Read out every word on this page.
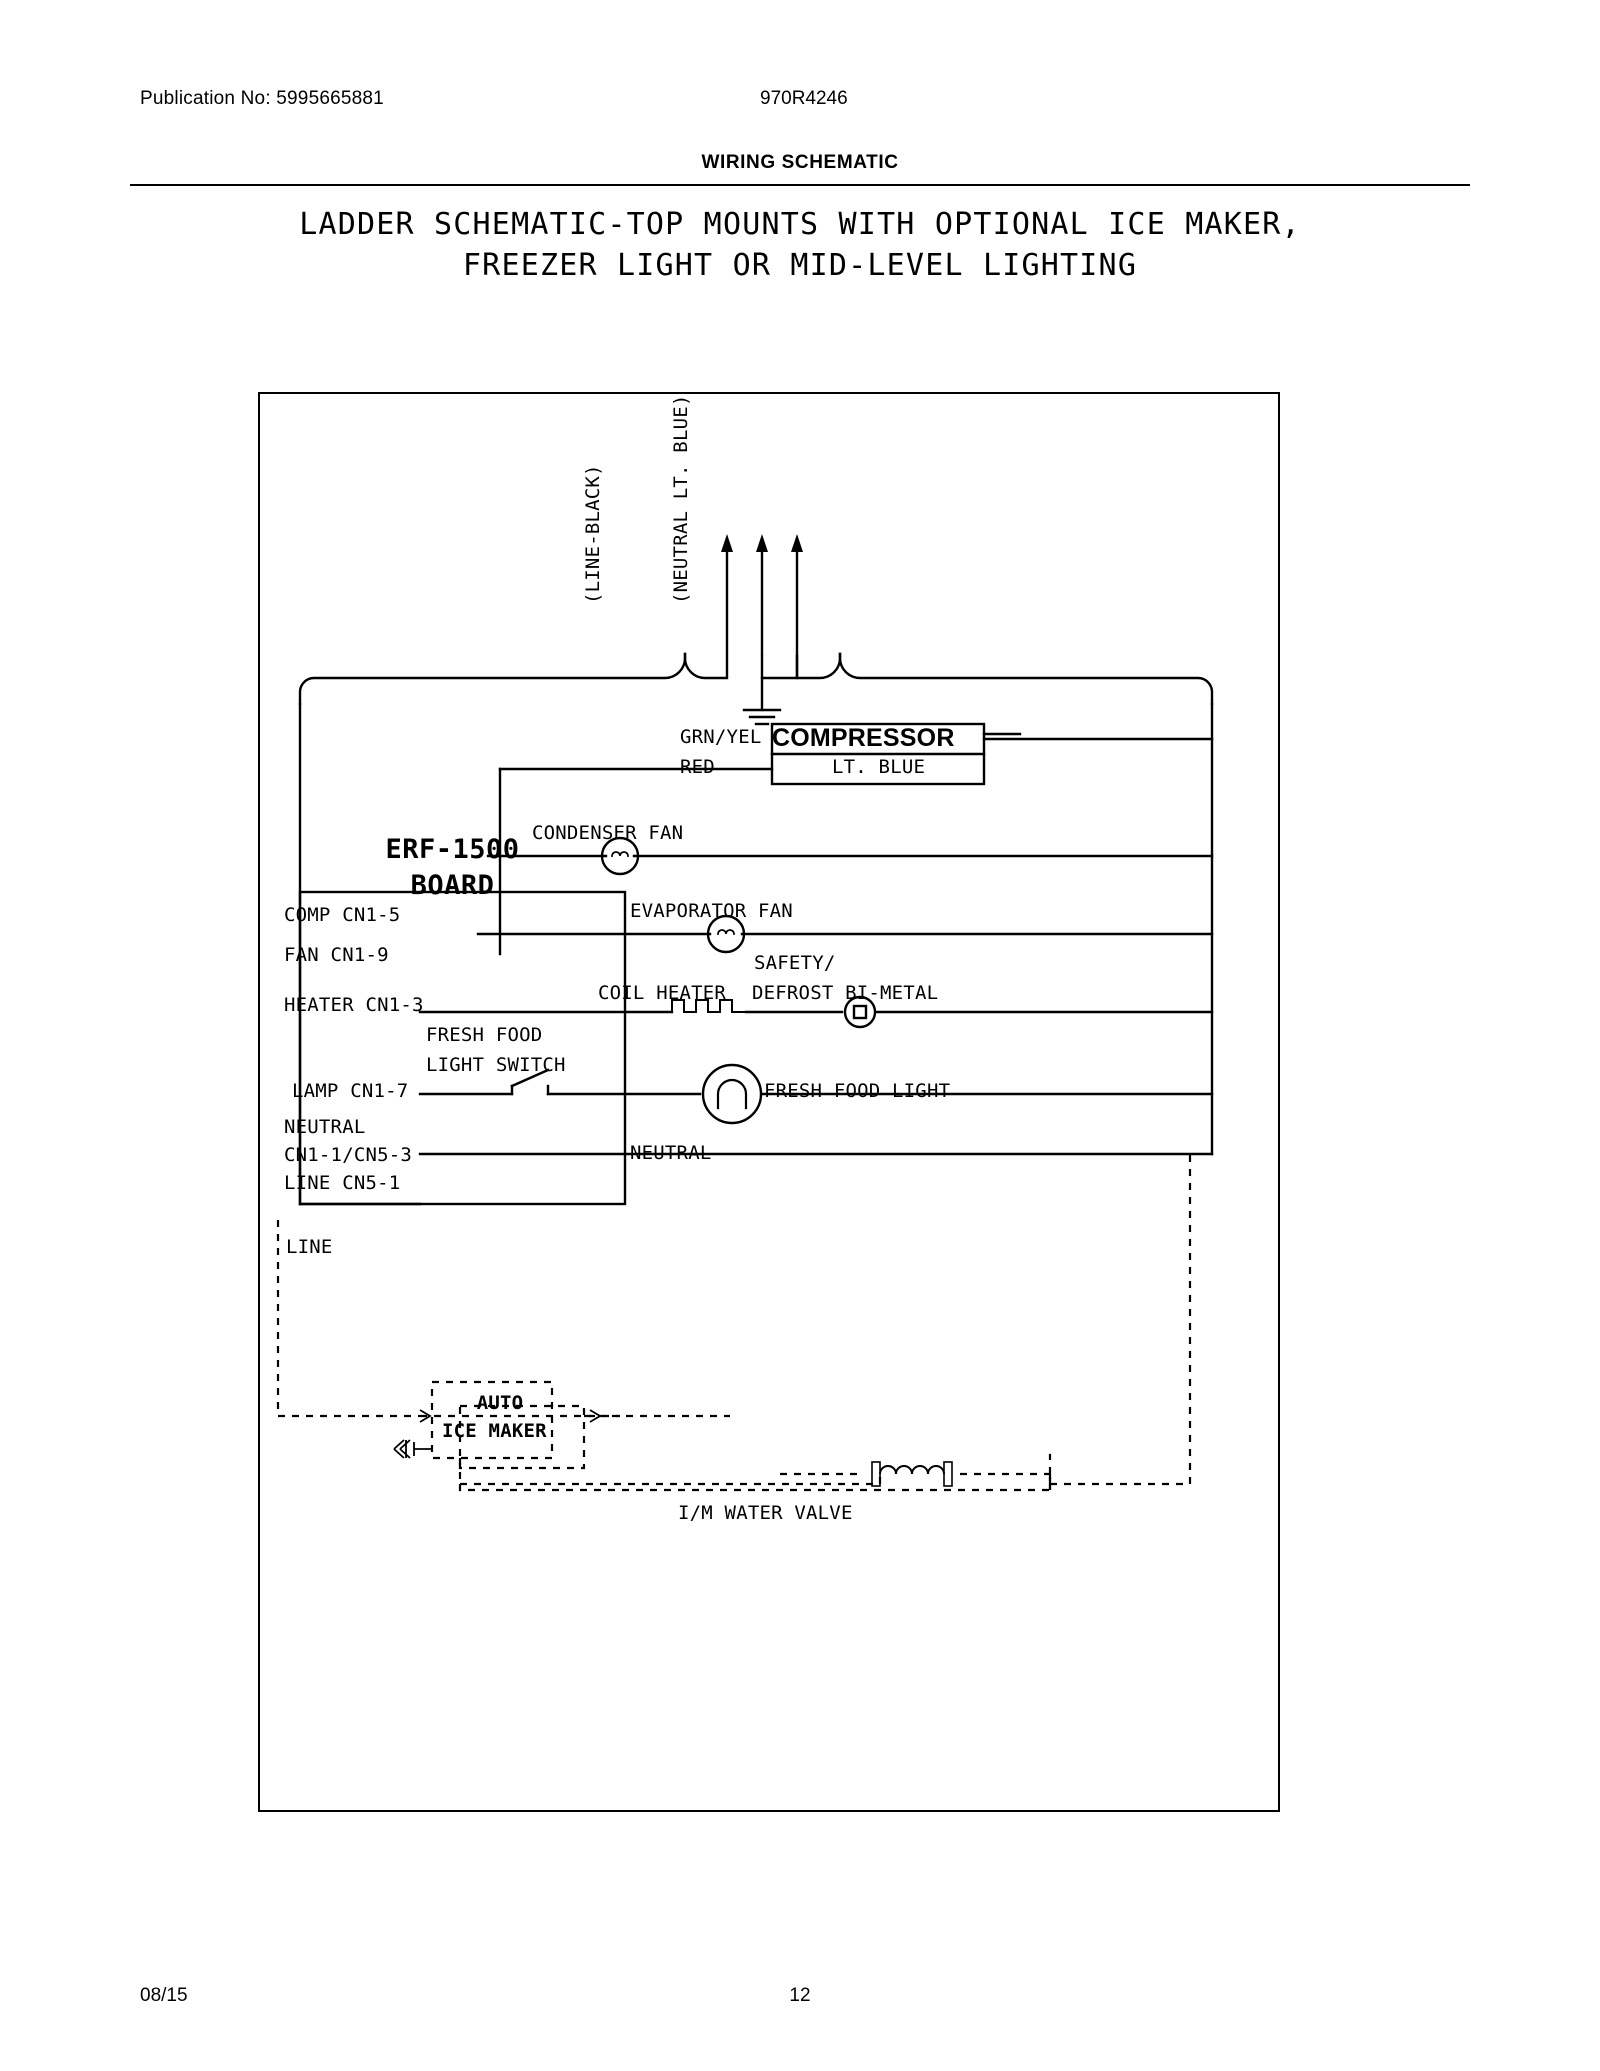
Publication No: 5995665881	970R4246
WIRING SCHEMATIC
LADDER SCHEMATIC-TOP MOUNTS WITH OPTIONAL ICE MAKER,
FREEZER LIGHT OR MID-LEVEL LIGHTING
(LINE-BLACK)	(NEUTRAL LT. BLUE)
GRN/YEL
RED
COMPRESSOR
LT. BLUE
ERF-1500
BOARD
COMP CN1-5
FAN CN1-9
HEATER CN1-3
LAMP CN1-7
NEUTRAL
CN1-1/CN5-3
LINE CN5-1
CONDENSER FAN
EVAPORATOR FAN
COIL HEATER
SAFETY/
DEFROST BI-METAL
FRESH FOOD
LIGHT SWITCH
FRESH FOOD LIGHT
NEUTRAL
LINE
AUTO
ICE MAKER
I/M WATER VALVE
08/15	12
